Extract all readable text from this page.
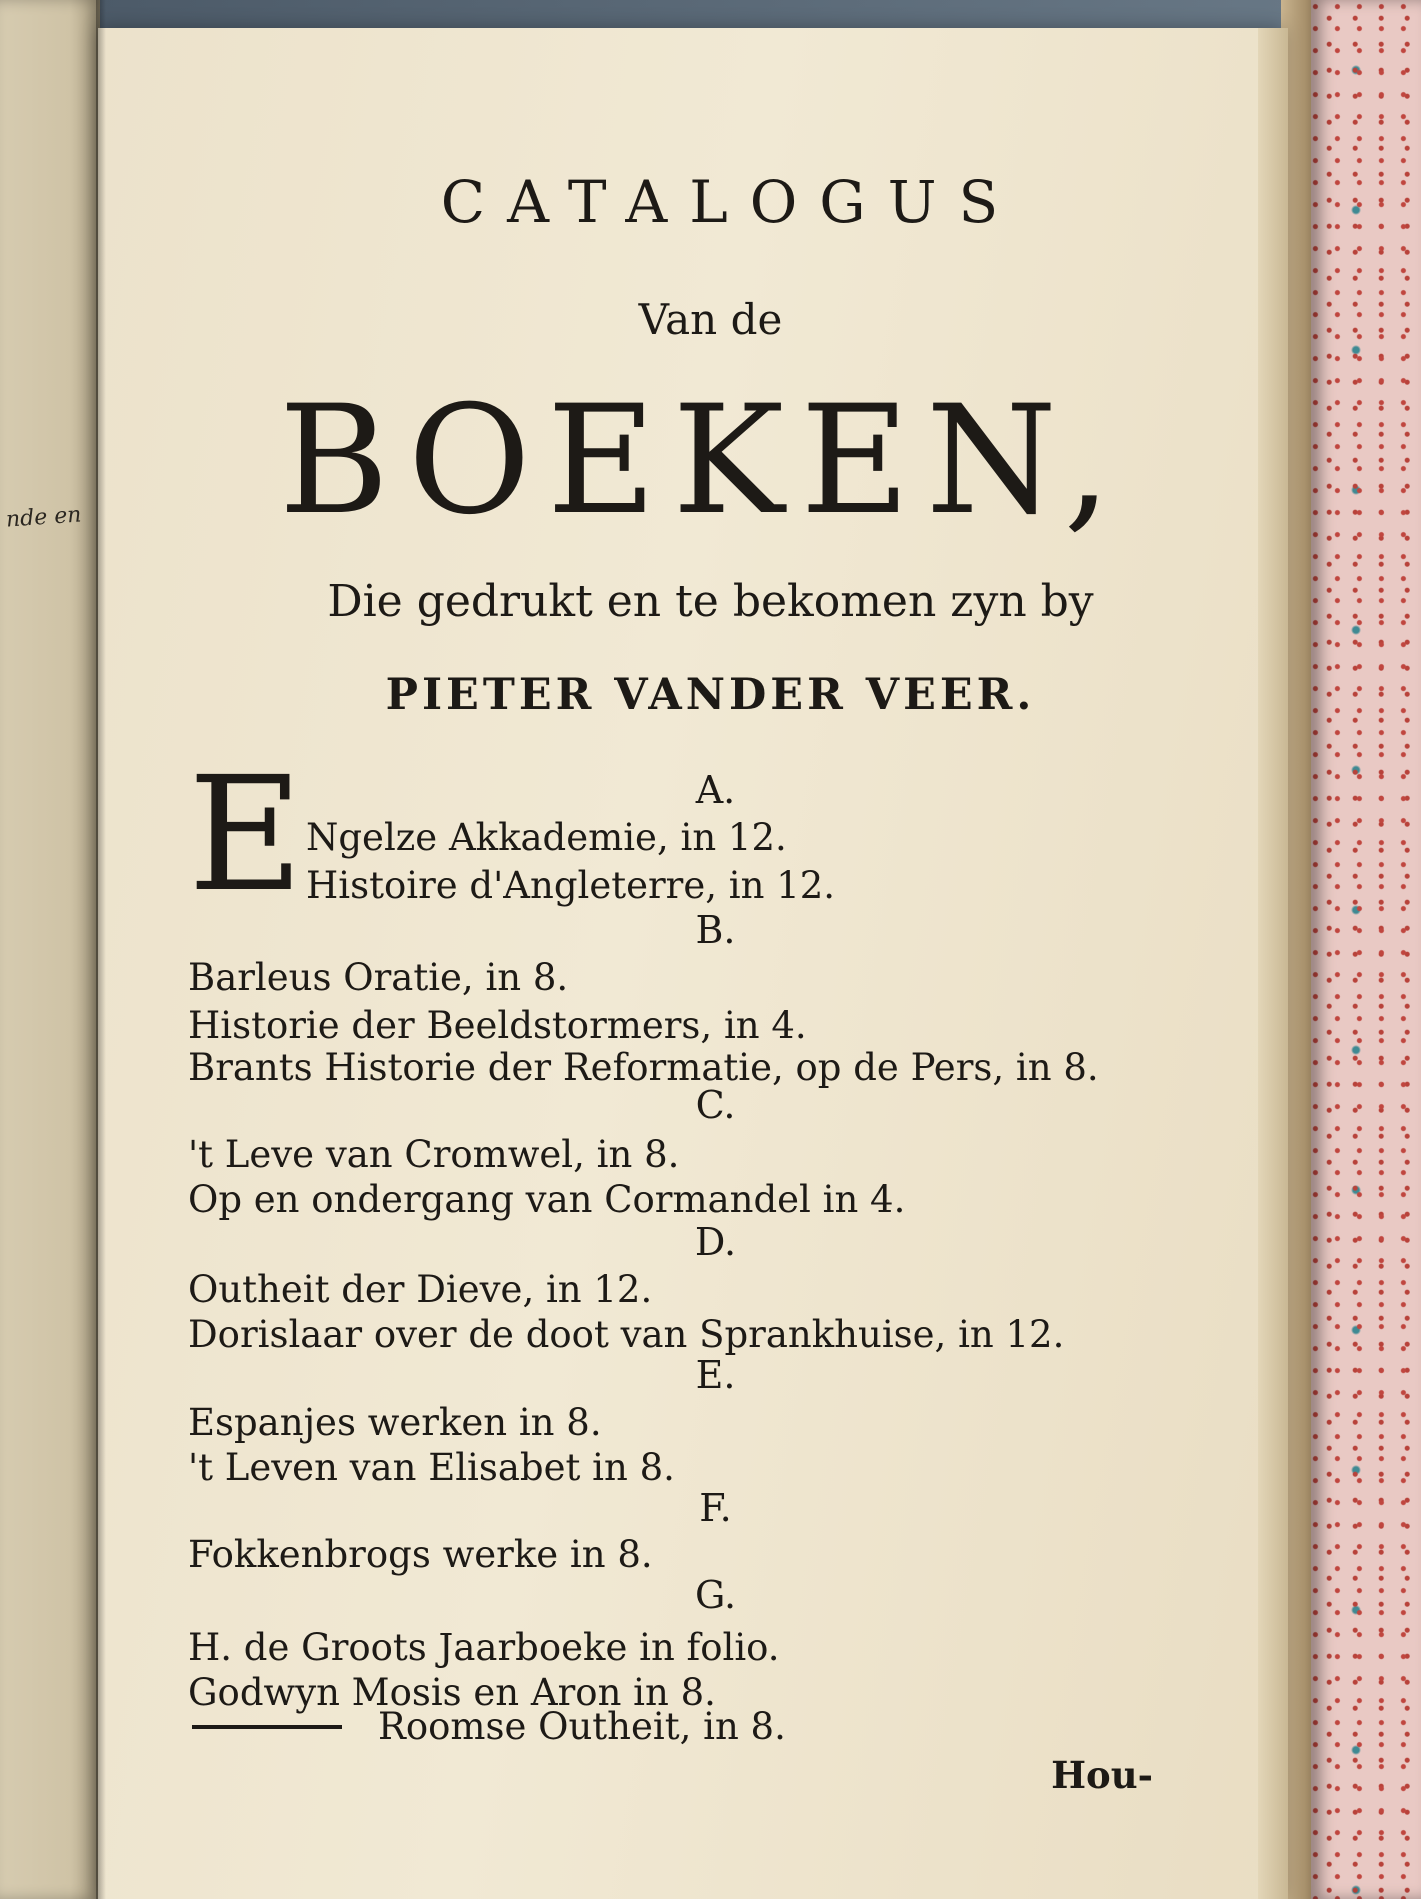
nde en
CATALOGUS
Van de
BOEKEN,
Die gedrukt en te bekomen zyn by
PIETER VANDER VEER.
A.
E Ngelze Akkademie, in 12.
Histoire d'Angleterre, in 12.
B.
Barleus Oratie, in 8.
Historie der Beeldstormers, in 4.
Brants Historie der Reformatie, op de Pers, in 8.
C.
't Leve van Cromwel, in 8.
Op en ondergang van Cormandel in 4.
D.
Outheit der Dieve, in 12.
Dorislaar over de doot van Sprankhuise, in 12.
E.
Espanjes werken in 8.
't Leven van Elisabet in 8.
F.
Fokkenbrogs werke in 8.
G.
H. de Groots Jaarboeke in folio.
Godwyn Mosis en Aron in 8.
Roomse Outheit, in 8.
Hou-
